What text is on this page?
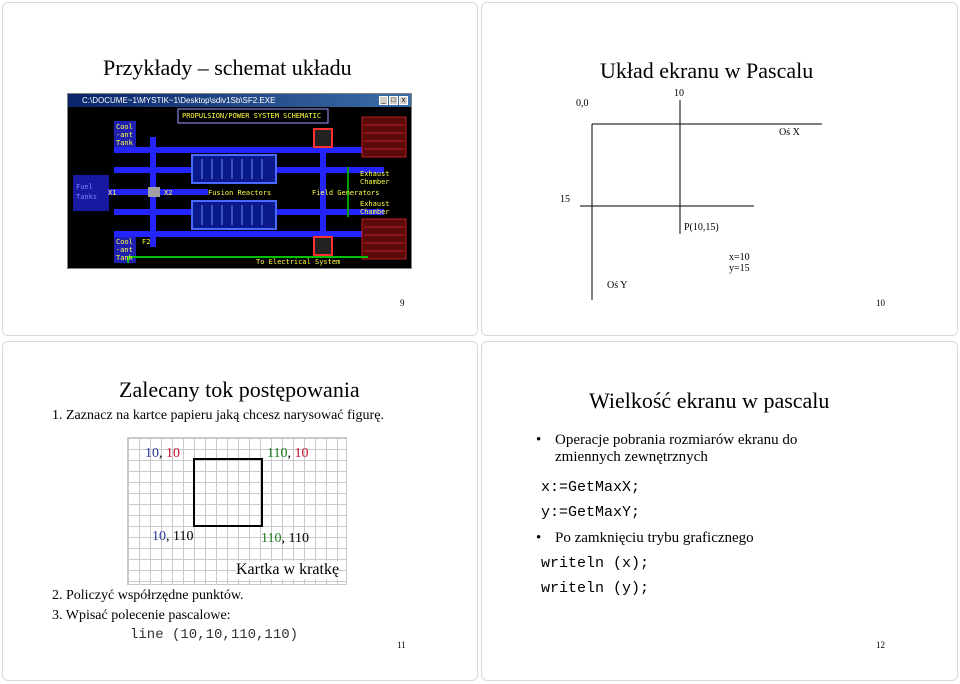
Przykłady – schemat układu
C:\DOCUME~1\MYSTIK~1\Desktop\sdiv1Sb\SF2.EXE	_ □ x
PROPULSION/POWER SYSTEM SCHEMATIC
Cool
-ant
Tank
Cool
-ant
Tank
Fuel
Tanks X1	X2
F2
Fusion Reactors	Field Generators
Exhaust
Chamber
Exhaust
Chamber
To Electrical System
9
Układ ekranu w Pascalu
0,0
10
Oś X
15
P(10,15)
x=10
y=15
Oś Y
10
Zalecany tok postępowania
1. Zaznacz na kartce papieru jaką chcesz narysować figurę.
10, 10	110, 10
10, 110	110, 110
Kartka w kratkę
2. Policzyć współrzędne punktów.
3. Wpisać polecenie pascalowe:
line (10,10,110,110)
11
Wielkość ekranu w pascalu
• Operacje pobrania rozmiarów ekranu do
zmiennych zewnętrznych
x:=GetMaxX;
y:=GetMaxY;
• Po zamknięciu trybu graficznego
writeln (x);
writeln (y);
12
